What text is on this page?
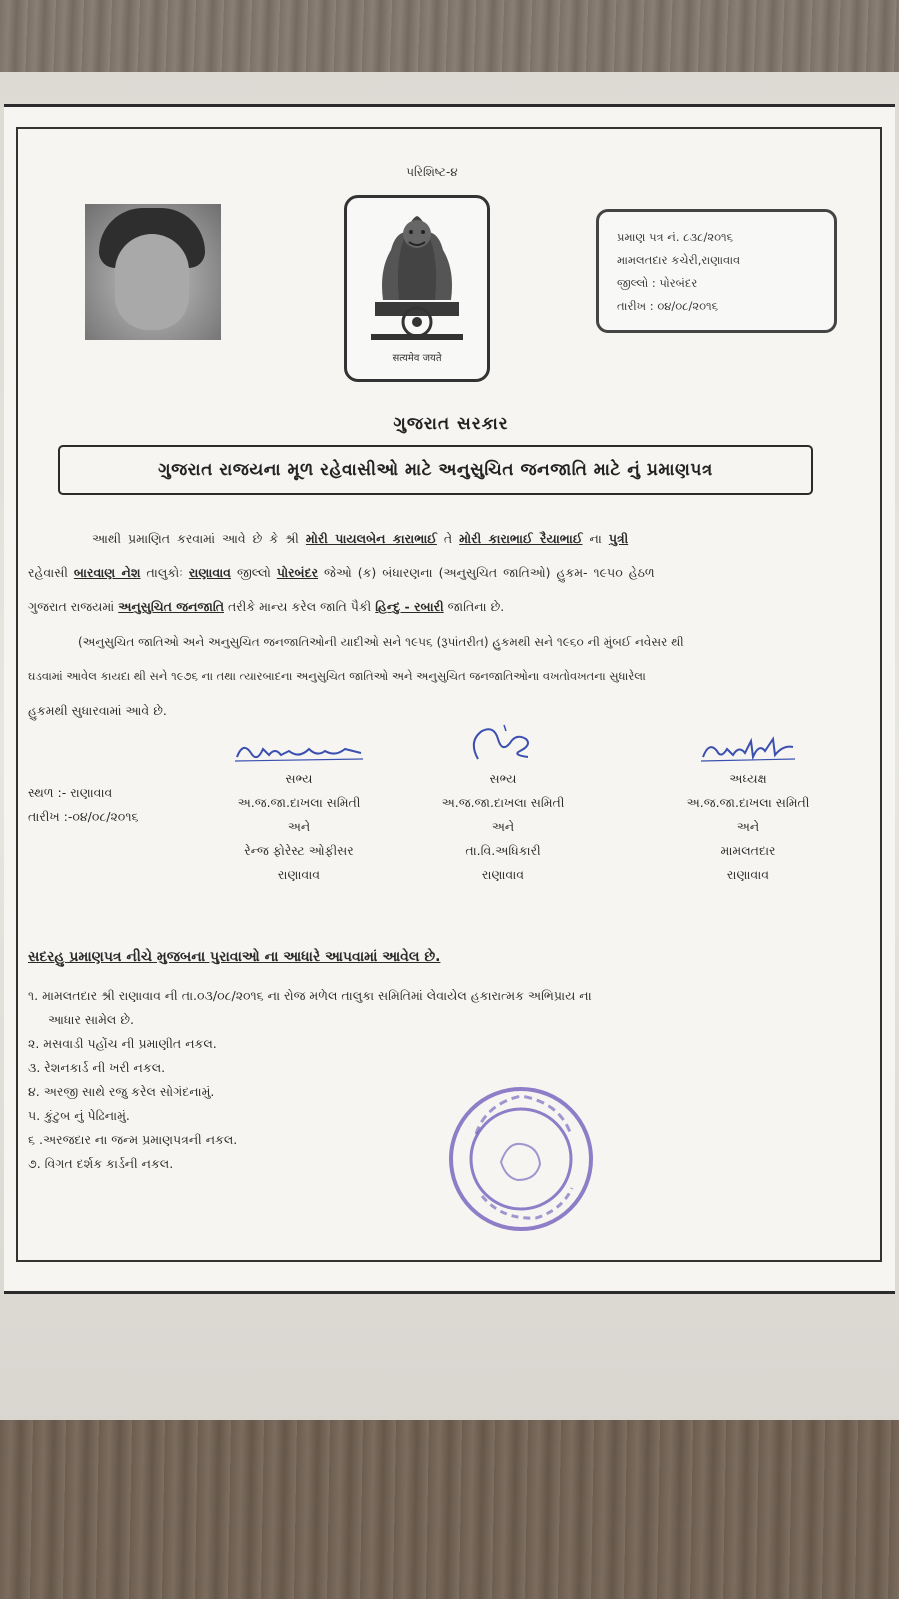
પરિશિષ્ટ-૪
सत्यमेव जयते
પ્રમાણ પત્ર નં. ૮૩૮/૨૦૧૬
મામલતદાર કચેરી,રાણાવાવ
જીલ્લો : પોરબંદર
તારીખ : ૦૪/૦૮/૨૦૧૬
ગુજરાત સરકાર
ગુજરાત રાજયના મૂળ રહેવાસીઓ માટે અનુસુચિત જનજાતિ માટે નું પ્રમાણપત્ર
આથી પ્રમાણિત કરવામાં આવે છે કે શ્રી મોરી પાયલબેન કારાભાઈ તે મોરી કારાભાઈ રૈયાભાઈ ના પુત્રી
રહેવાસી બારવાણ નેશ તાલુકોઃ રાણાવાવ જીલ્લો પોરબંદર જેઓ (ક) બંધારણના (અનુસુચિત જાતિઓ) હુકમ- ૧૯૫૦ હેઠળ
ગુજરાત રાજયમાં અનુસુચિત જનજાતિ તરીકે માન્ય કરેલ જાતિ પૈકી હિન્દુ - રબારી જાતિના છે.
(અનુસુચિત જાતિઓ અને અનુસુચિત જનજાતિઓની યાદીઓ સને ૧૯૫૬ (રૂપાંતરીત) હુકમથી સને ૧૯૬૦ ની મુંબઈ નવેસર થી
ઘડવામાં આવેલ કાયદા થી સને ૧૯૭૬ ના તથા ત્યારબાદના અનુસુચિત જાતિઓ અને અનુસુચિત જનજાતિઓના વખતોવખતના સુધારેલા
હુકમથી સુધારવામાં આવે છે.
સ્થળ :- રાણાવાવ
તારીખ :-૦૪/૦૮/૨૦૧૬
સભ્ય
અ.જ.જા.દાખલા સમિતી
અને
રેન્જ ફોરેસ્ટ ઓફીસર
રાણાવાવ
સભ્ય
અ.જ.જા.દાખલા સમિતી
અને
તા.વિ.અધિકારી
રાણાવાવ
અધ્યક્ષ
અ.જ.જા.દાખલા સમિતી
અને
મામલતદાર
રાણાવાવ
સદરહુ પ્રમાણપત્ર નીચે મુજબના પુરાવાઓ ના આધારે આપવામાં આવેલ છે.
૧. મામલતદાર શ્રી રાણાવાવ ની તા.૦૩/૦૮/૨૦૧૬ ના રોજ મળેલ તાલુકા સમિતિમાં લેવાયેલ હકારાત્મક અભિપ્રાય ના
આધાર સામેલ છે.
૨. મસવાડી પહોંચ ની પ્રમાણીત નકલ.
૩. રેશનકાર્ડ ની ખરી નકલ.
૪. અરજી સાથે રજુ કરેલ સોગંદનામું.
૫. કુંટુબ નું પેઢિનામું.
૬ .અરજદાર ના જન્મ પ્રમાણપત્રની નકલ.
૭. વિગત દર્શક કાર્ડની નકલ.
